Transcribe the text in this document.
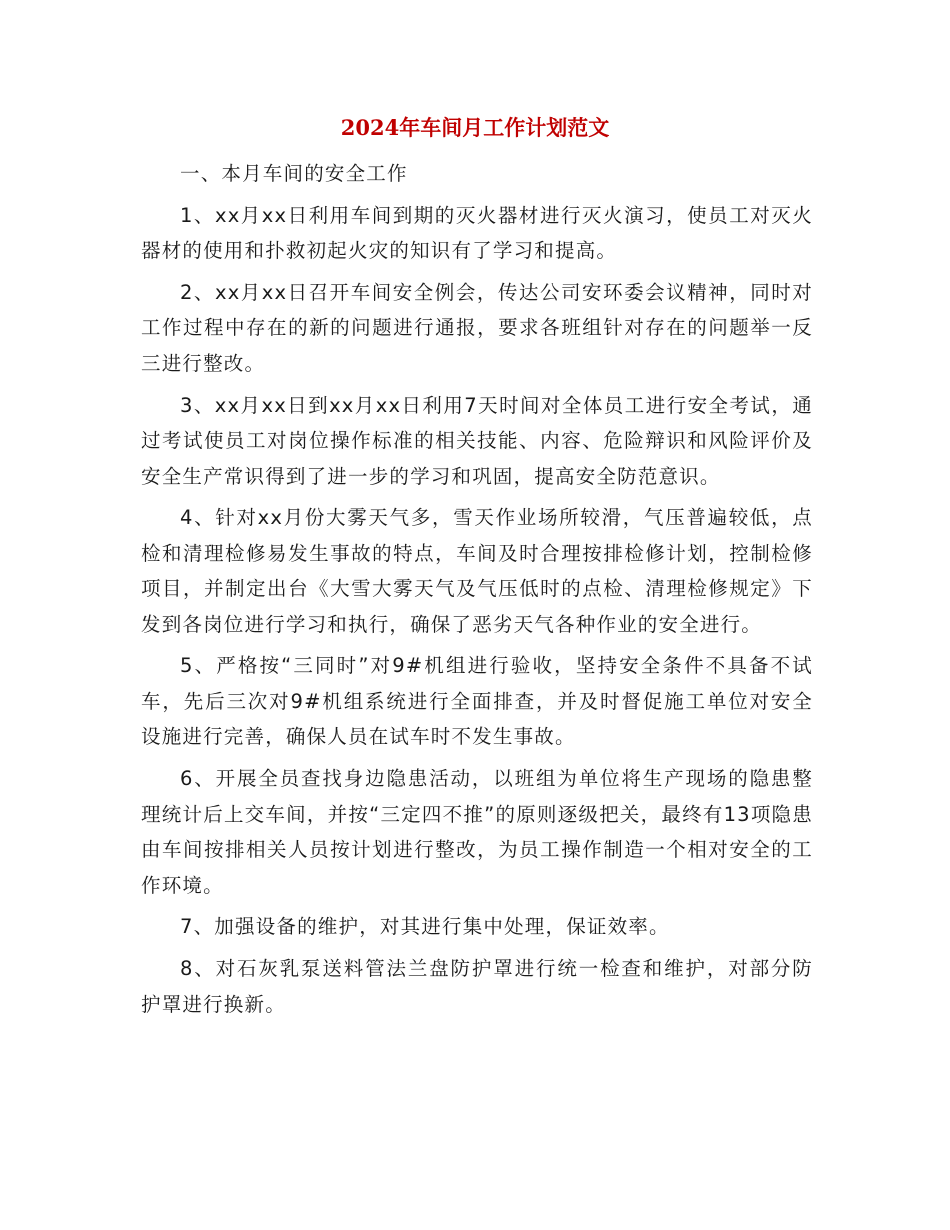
2024年车间月工作计划范文

一、本月车间的安全工作

1、xx月xx日利用车间到期的灭火器材进行灭火演习，使员工对灭火器材的使用和扑救初起火灾的知识有了学习和提高。

2、xx月xx日召开车间安全例会，传达公司安环委会议精神，同时对工作过程中存在的新的问题进行通报，要求各班组针对存在的问题举一反三进行整改。

3、xx月xx日到xx月xx日利用7天时间对全体员工进行安全考试，通过考试使员工对岗位操作标准的相关技能、内容、危险辩识和风险评价及安全生产常识得到了进一步的学习和巩固，提高安全防范意识。

4、针对xx月份大雾天气多，雪天作业场所较滑，气压普遍较低，点检和清理检修易发生事故的特点，车间及时合理按排检修计划，控制检修项目，并制定出台《大雪大雾天气及气压低时的点检、清理检修规定》下发到各岗位进行学习和执行，确保了恶劣天气各种作业的安全进行。

5、严格按“三同时”对9#机组进行验收，坚持安全条件不具备不试车，先后三次对9#机组系统进行全面排查，并及时督促施工单位对安全设施进行完善，确保人员在试车时不发生事故。

6、开展全员查找身边隐患活动，以班组为单位将生产现场的隐患整理统计后上交车间，并按“三定四不推”的原则逐级把关，最终有13项隐患由车间按排相关人员按计划进行整改，为员工操作制造一个相对安全的工作环境。

7、加强设备的维护，对其进行集中处理，保证效率。

8、对石灰乳泵送料管法兰盘防护罩进行统一检查和维护，对部分防护罩进行换新。
